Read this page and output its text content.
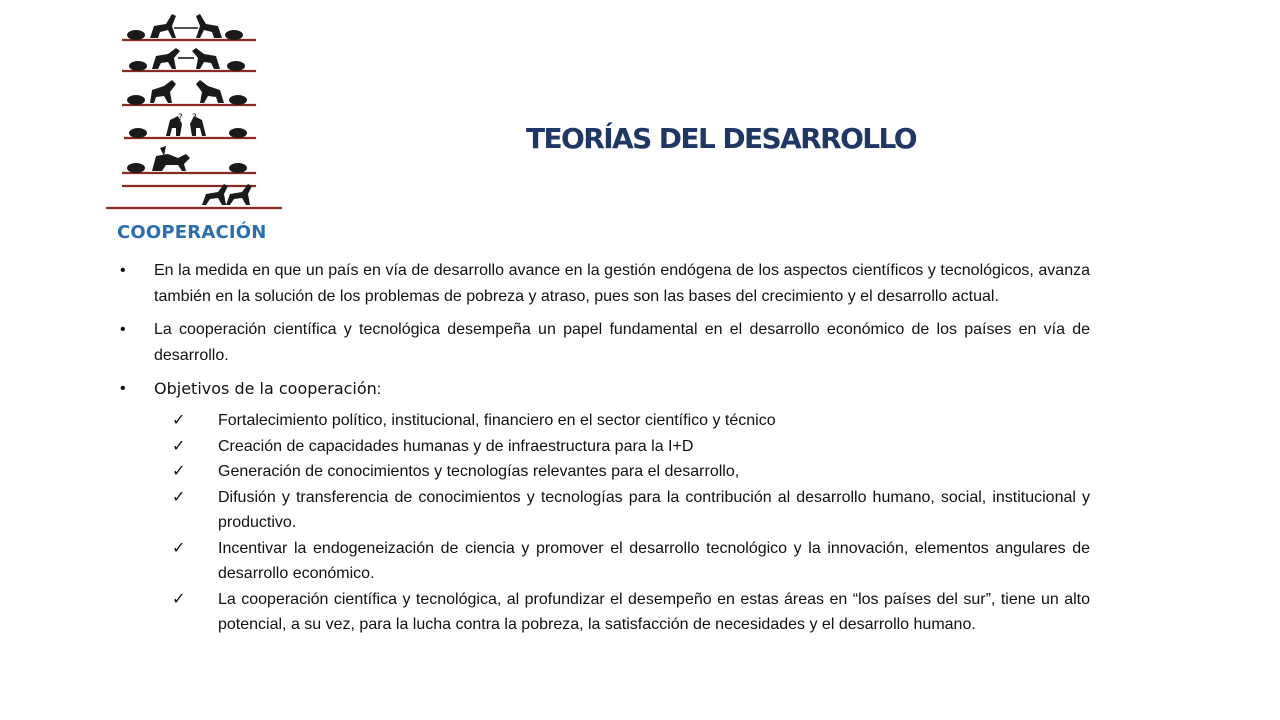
? ?
TEORÍAS DEL DESARROLLO
COOPERACIÓN
•	En la medida en que un país en vía de desarrollo avance en la gestión endógena de los aspectos científicos y tecnológicos, avanza también en la solución de los problemas de pobreza y atraso, pues son las bases del crecimiento y el desarrollo actual.
•	La cooperación científica y tecnológica desempeña un papel fundamental en el desarrollo económico de los países en vía de desarrollo.
•	Objetivos de la cooperación:
✓	Fortalecimiento político, institucional, financiero en el sector científico y técnico
✓	Creación de capacidades humanas y de infraestructura para la I+D
✓	Generación de conocimientos y tecnologías relevantes para el desarrollo,
✓	Difusión y transferencia de conocimientos y tecnologías para la contribución al desarrollo humano, social, institucional y productivo.
✓	Incentivar la endogeneización de ciencia y promover el desarrollo tecnológico y la innovación, elementos angulares de desarrollo económico.
✓	La cooperación científica y tecnológica, al profundizar el desempeño en estas áreas en “los países del sur”, tiene un alto potencial, a su vez, para la lucha contra la pobreza, la satisfacción de necesidades y el desarrollo humano.
